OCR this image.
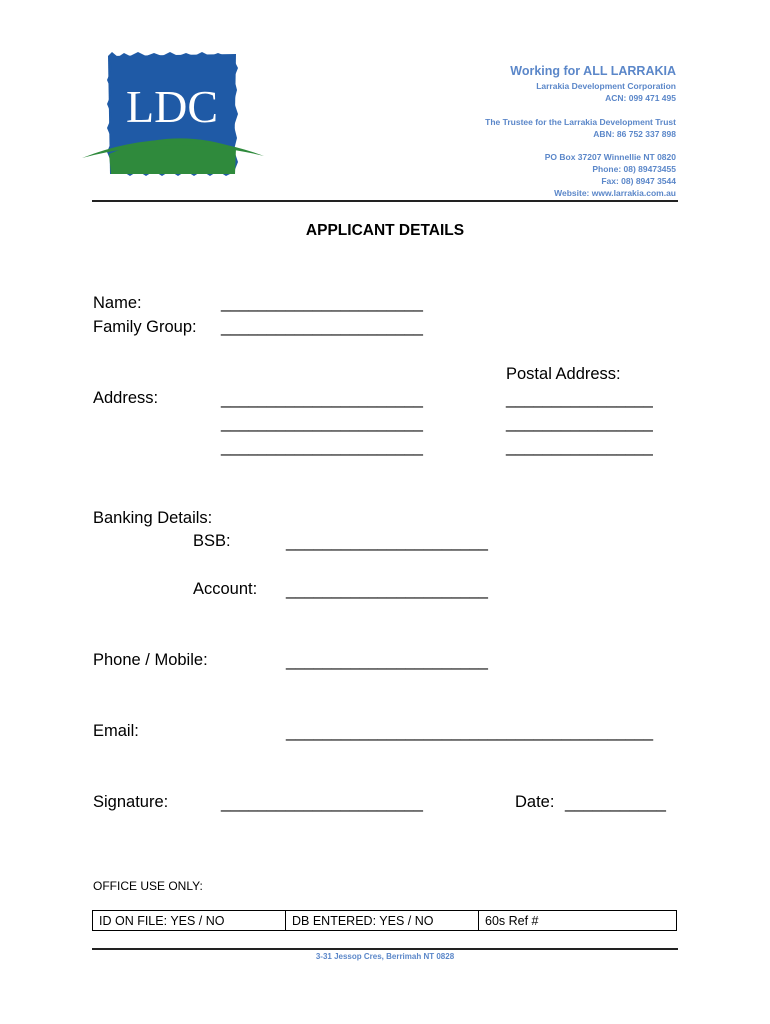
LDC
Working for ALL LARRAKIA
Larrakia Development Corporation
ACN: 099 471 495
The Trustee for the Larrakia Development Trust
ABN: 86 752 337 898
PO Box 37207 Winnellie NT 0820
Phone: 08) 89473455
Fax: 08) 8947 3544
Website: www.larrakia.com.au
APPLICANT DETAILS
Name:	______________________
Family Group: ______________________
Postal Address:
Address:	______________________
______________________
______________________
________________
________________
________________
Banking Details:
BSB:	______________________
Account: ______________________
Phone / Mobile:	______________________
Email:	________________________________________
Signature:	______________________	Date: ___________
OFFICE USE ONLY:
ID ON FILE: YES / NO	DB ENTERED: YES / NO	60s Ref #
3-31 Jessop Cres, Berrimah NT 0828
